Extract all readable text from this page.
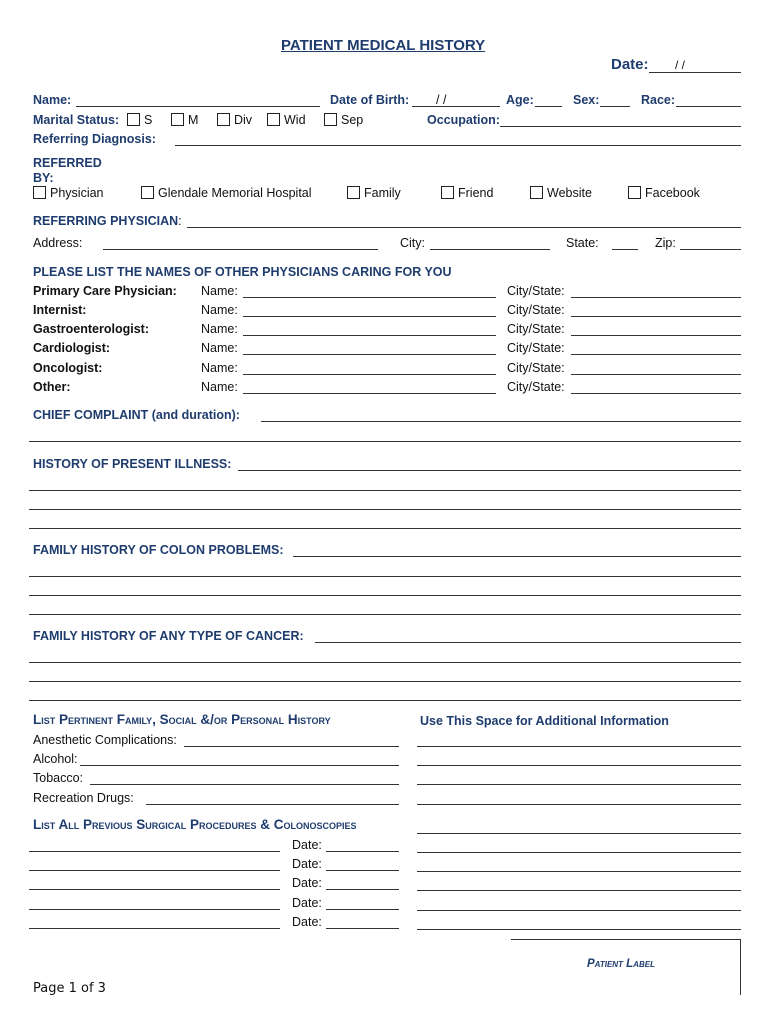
PATIENT MEDICAL HISTORY
Date: / /
Name:	Date of Birth: / /	Age:	Sex:	Race:
Marital Status:	S	M	Div	Wid	Sep	Occupation:
Referring Diagnosis:
REFERRED
BY:
Physician	Glendale Memorial Hospital	Family	Friend	Website	Facebook
REFERRING PHYSICIAN:
Address:	City:	State:	Zip:
PLEASE LIST THE NAMES OF OTHER PHYSICIANS CARING FOR YOU
Primary Care Physician: Name:	City/State:
Internist:	Name:	City/State:
Gastroenterologist:	Name:	City/State:
Cardiologist:	Name:	City/State:
Oncologist:	Name:	City/State:
Other:	Name:	City/State:
CHIEF COMPLAINT (and duration):
HISTORY OF PRESENT ILLNESS:
FAMILY HISTORY OF COLON PROBLEMS:
FAMILY HISTORY OF ANY TYPE OF CANCER:
List Pertinent Family, Social &/or Personal History
Anesthetic Complications:
Alcohol:
Tobacco:
Recreation Drugs:
Use This Space for Additional Information
List All Previous Surgical Procedures & Colonoscopies
Date:
Date:
Date:
Date:
Date:
Patient Label
Page 1 of 3
